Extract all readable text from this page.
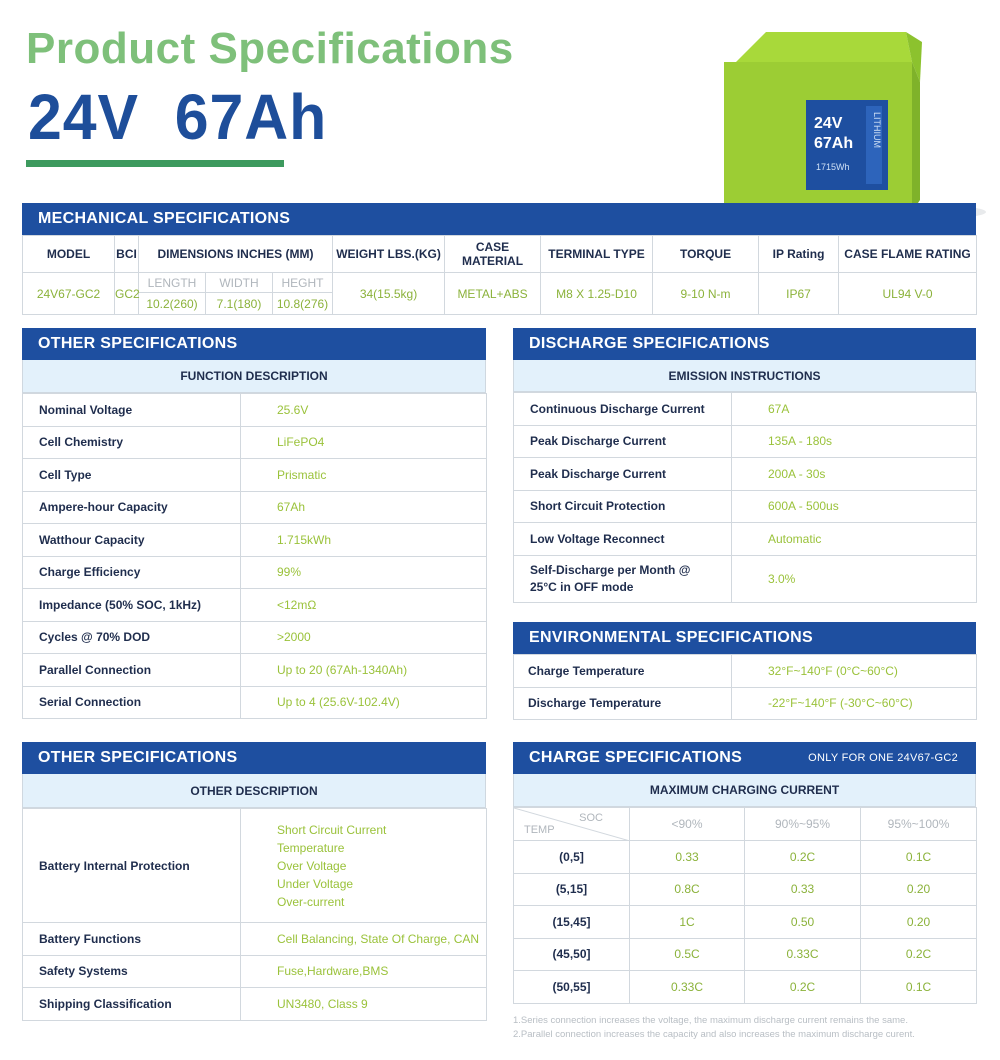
Product Specifications
24V  67Ah	24V
67Ah
1715Wh
LITHIUM
MECHANICAL SPECIFICATIONS
MODEL	BCI	DIMENSIONS INCHES (MM)			WEIGHT LBS.(KG)	CASE MATERIAL	TERMINAL TYPE	TORQUE	IP Rating	CASE FLAME RATING
24V67-GC2	GC2	LENGTH	WIDTH	HEGHT	34(15.5kg)	METAL+ABS	M8 X 1.25-D10	9-10 N-m	IP67	UL94 V-0
		10.2(260)	7.1(180)	10.8(276)						
OTHER SPECIFICATIONS
FUNCTION DESCRIPTION
Nominal Voltage	25.6V
Cell Chemistry	LiFePO4
Cell Type	Prismatic
Ampere-hour Capacity	67Ah
Watthour Capacity	1.715kWh
Charge Efficiency	99%
Impedance (50% SOC, 1kHz)	<12mΩ
Cycles @ 70% DOD	>2000
Parallel Connection	Up to 20 (67Ah-1340Ah)
Serial Connection	Up to 4 (25.6V-102.4V)
DISCHARGE SPECIFICATIONS
EMISSION INSTRUCTIONS
Continuous Discharge Current	67A
Peak Discharge Current	135A - 180s
Peak Discharge Current	200A - 30s
Short Circuit Protection	600A - 500us
Low Voltage Reconnect	Automatic
Self-Discharge per Month @ 25°C in OFF mode	3.0%
ENVIRONMENTAL SPECIFICATIONS
Charge Temperature	32°F~140°F (0°C~60°C)
Discharge Temperature	-22°F~140°F (-30°C~60°C)
OTHER SPECIFICATIONS
OTHER DESCRIPTION
Battery Internal Protection	Short Circuit Current
Temperature
Over Voltage
Under Voltage
Over-current

Battery Functions	Cell Balancing, State Of Charge, CAN
Safety Systems	Fuse,Hardware,BMS
Shipping Classification	UN3480, Class 9
CHARGE SPECIFICATIONS	ONLY FOR ONE 24V67-GC2
MAXIMUM CHARGING CURRENT
SOC
TEMP	<90%	90%~95%	95%~100%
(0,5]	0.33	0.2C	0.1C
(5,15]	0.8C	0.33	0.20
(15,45]	1C	0.50	0.20
(45,50]	0.5C	0.33C	0.2C
(50,55]	0.33C	0.2C	0.1C
1.Series connection increases the voltage, the maximum discharge current remains the same.
2.Parallel connection increases the capacity and also increases the maximum discharge curent.
